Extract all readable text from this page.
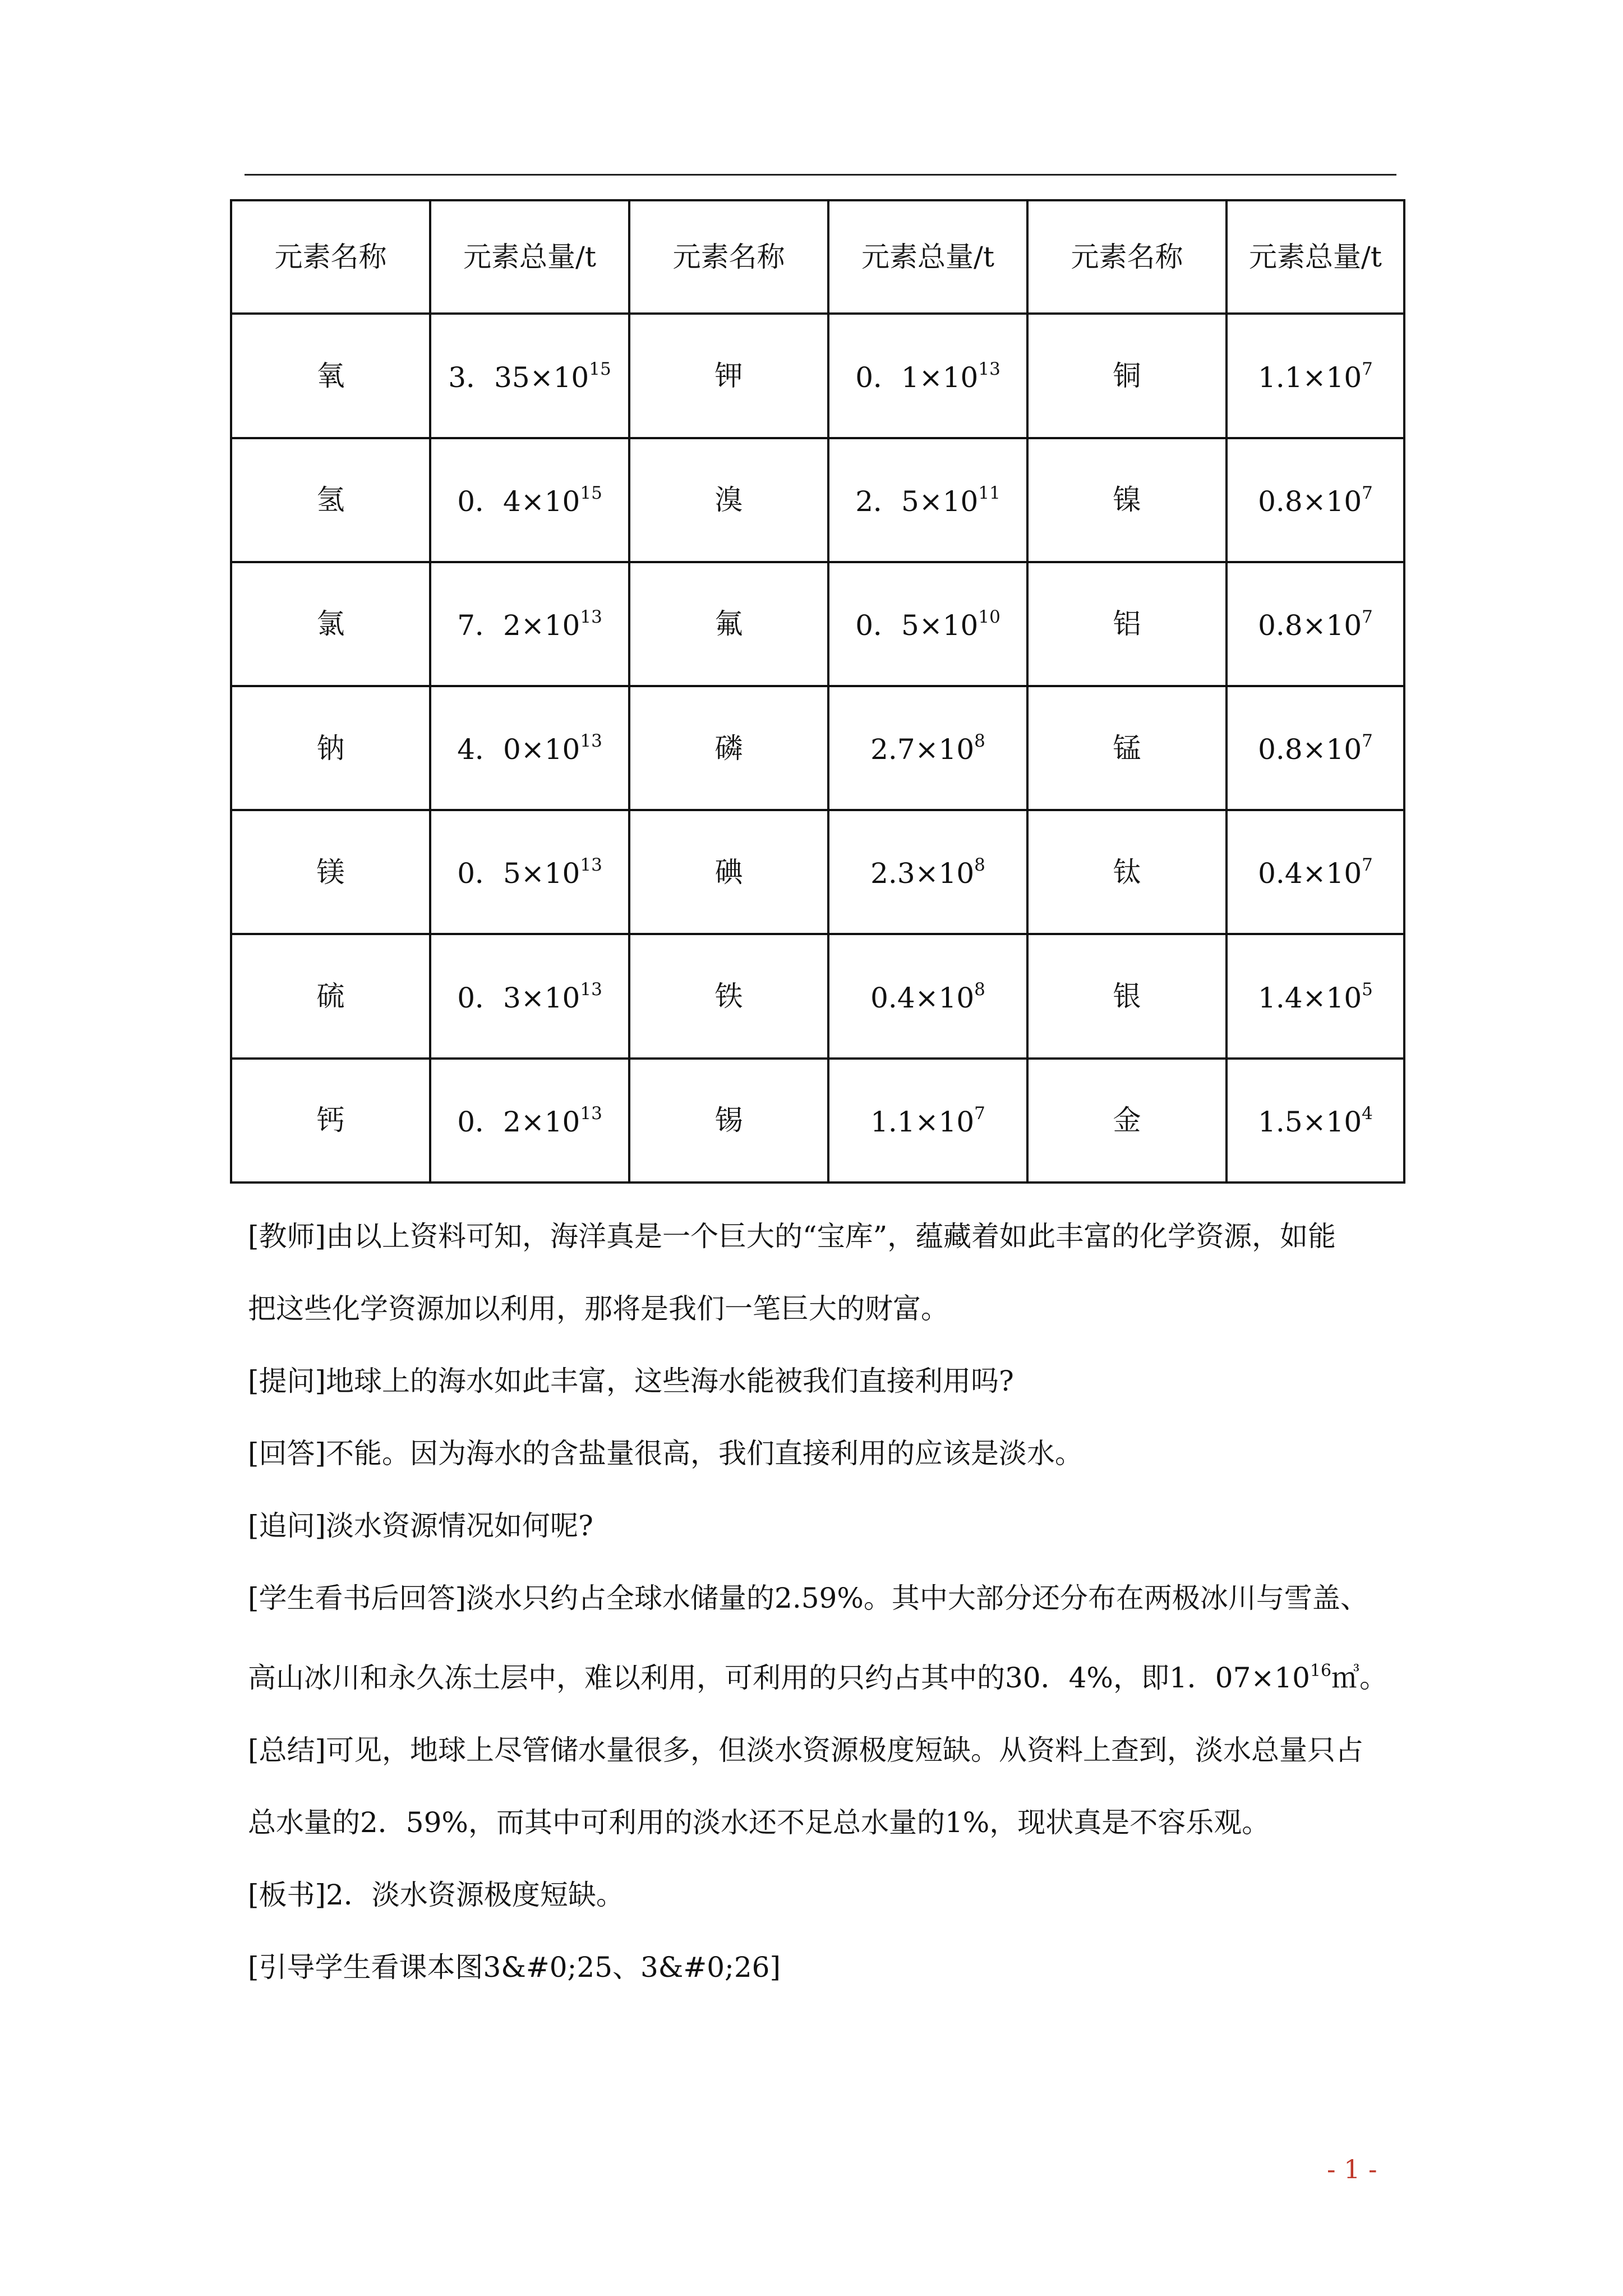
元素名称	元素总量/t	元素名称	元素总量/t	元素名称	元素总量/t
氧	3．$35\times 10^{15}$	钾	0．$1\times 10^{13}$	铜	$1.1\times 10^7$
氢	0．$4\times 10^{15}$	溴	2．$5\times 10^{11}$	镍	$0.8\times 10^7$
氯	7．$2\times 10^{13}$	氟	0．$5\times 10^{10}$	铝	$0.8\times 10^7$
钠	4．$0\times 10^{13}$	磷	$2.7\times 10^8$	锰	$0.8\times 10^7$
镁	0．$5\times 10^{13}$	碘	$2.3\times 10^8$	钛	$0.4\times 10^7$
硫	0．$3\times 10^{13}$	铁	$0.4\times 10^8$	银	$1.4\times 10^5$
钙	0．$2\times 10^{13}$	锡	$1.1\times 10^7$	金	$1.5\times 10^4$

[教师]由以上资料可知，海洋真是一个巨大的“宝库”，蕴藏着如此丰富的化学资源，如能

把这些化学资源加以利用，那将是我们一笔巨大的财富。

[提问]地球上的海水如此丰富，这些海水能被我们直接利用吗?

[回答]不能。因为海水的含盐量很高，我们直接利用的应该是淡水。

[追问]淡水资源情况如何呢?

[学生看书后回答]淡水只约占全球水储量的2.59%。其中大部分还分布在两极冰川与雪盖、

高山冰川和永久冻土层中，难以利用，可利用的只约占其中的30．4%，即1．$07\times 10^{16}㎥$。

[总结]可见，地球上尽管储水量很多，但淡水资源极度短缺。从资料上查到，淡水总量只占

总水量的2．59%，而其中可利用的淡水还不足总水量的1%，现状真是不容乐观。

[板书]2．淡水资源极度短缺。

[引导学生看课本图3&#0;25、3&#0;26]

- 1 -
